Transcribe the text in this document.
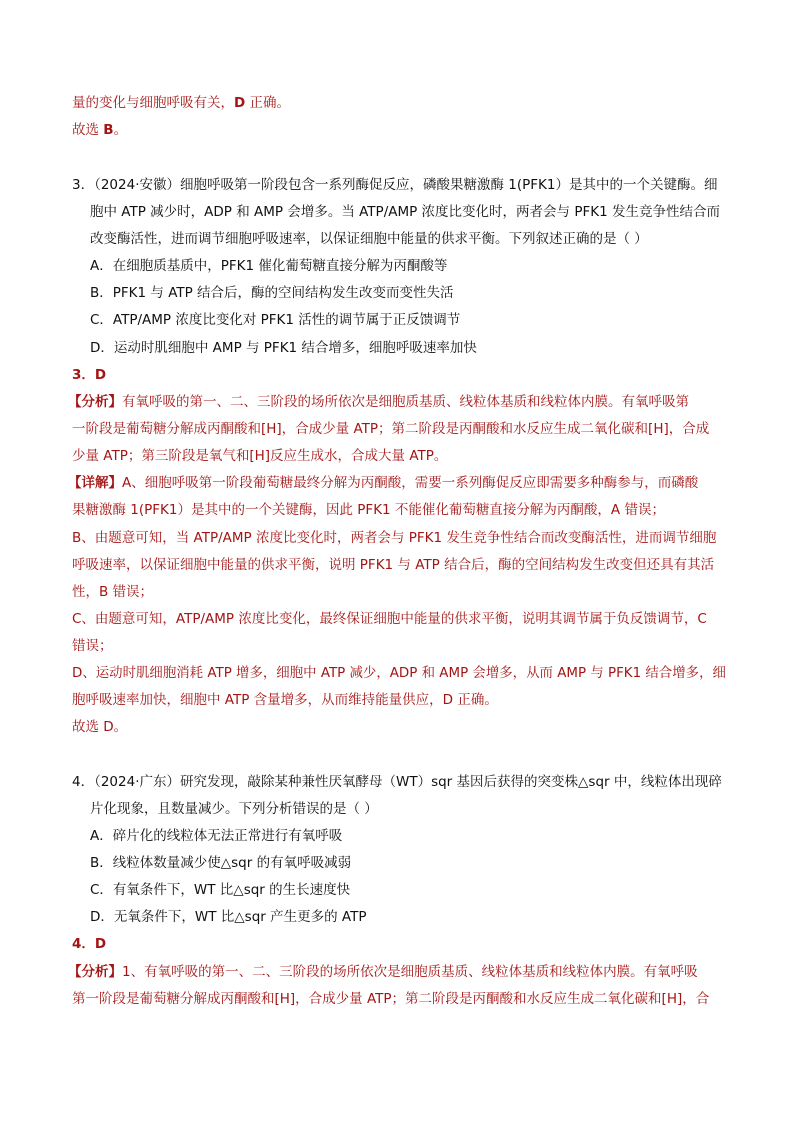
量的变化与细胞呼吸有关，D 正确。
故选 B。
3．（2024·安徽）细胞呼吸第一阶段包含一系列酶促反应，磷酸果糖激酶 1(PFK1）是其中的一个关键酶。细
胞中 ATP 减少时，ADP 和 AMP 会增多。当 ATP/AMP 浓度比变化时，两者会与 PFK1 发生竞争性结合而
改变酶活性，进而调节细胞呼吸速率，以保证细胞中能量的供求平衡。下列叙述正确的是（ ）
A．在细胞质基质中，PFK1 催化葡萄糖直接分解为丙酮酸等
B．PFK1 与 ATP 结合后，酶的空间结构发生改变而变性失活
C．ATP/AMP 浓度比变化对 PFK1 活性的调节属于正反馈调节
D．运动时肌细胞中 AMP 与 PFK1 结合增多，细胞呼吸速率加快
3．D
【分析】有氧呼吸的第一、二、三阶段的场所依次是细胞质基质、线粒体基质和线粒体内膜。有氧呼吸第
一阶段是葡萄糖分解成丙酮酸和[H]，合成少量 ATP；第二阶段是丙酮酸和水反应生成二氧化碳和[H]，合成
少量 ATP；第三阶段是氧气和[H]反应生成水，合成大量 ATP。
【详解】A、细胞呼吸第一阶段葡萄糖最终分解为丙酮酸，需要一系列酶促反应即需要多种酶参与，而磷酸
果糖激酶 1(PFK1）是其中的一个关键酶，因此 PFK1 不能催化葡萄糖直接分解为丙酮酸，A 错误；
B、由题意可知，当 ATP/AMP 浓度比变化时，两者会与 PFK1 发生竞争性结合而改变酶活性，进而调节细胞
呼吸速率，以保证细胞中能量的供求平衡，说明 PFK1 与 ATP 结合后，酶的空间结构发生改变但还具有其活
性，B 错误；
C、由题意可知，ATP/AMP 浓度比变化，最终保证细胞中能量的供求平衡，说明其调节属于负反馈调节，C
错误；
D、运动时肌细胞消耗 ATP 增多，细胞中 ATP 减少，ADP 和 AMP 会增多，从而 AMP 与 PFK1 结合增多，细
胞呼吸速率加快，细胞中 ATP 含量增多，从而维持能量供应，D 正确。
故选 D。
4．（2024·广东）研究发现，敲除某种兼性厌氧酵母（WT）sqr 基因后获得的突变株△sqr 中，线粒体出现碎
片化现象，且数量减少。下列分析错误的是（ ）
A．碎片化的线粒体无法正常进行有氧呼吸
B．线粒体数量减少使△sqr 的有氧呼吸减弱
C．有氧条件下，WT 比△sqr 的生长速度快
D．无氧条件下，WT 比△sqr 产生更多的 ATP
4．D
【分析】1、有氧呼吸的第一、二、三阶段的场所依次是细胞质基质、线粒体基质和线粒体内膜。有氧呼吸
第一阶段是葡萄糖分解成丙酮酸和[H]，合成少量 ATP；第二阶段是丙酮酸和水反应生成二氧化碳和[H]，合
